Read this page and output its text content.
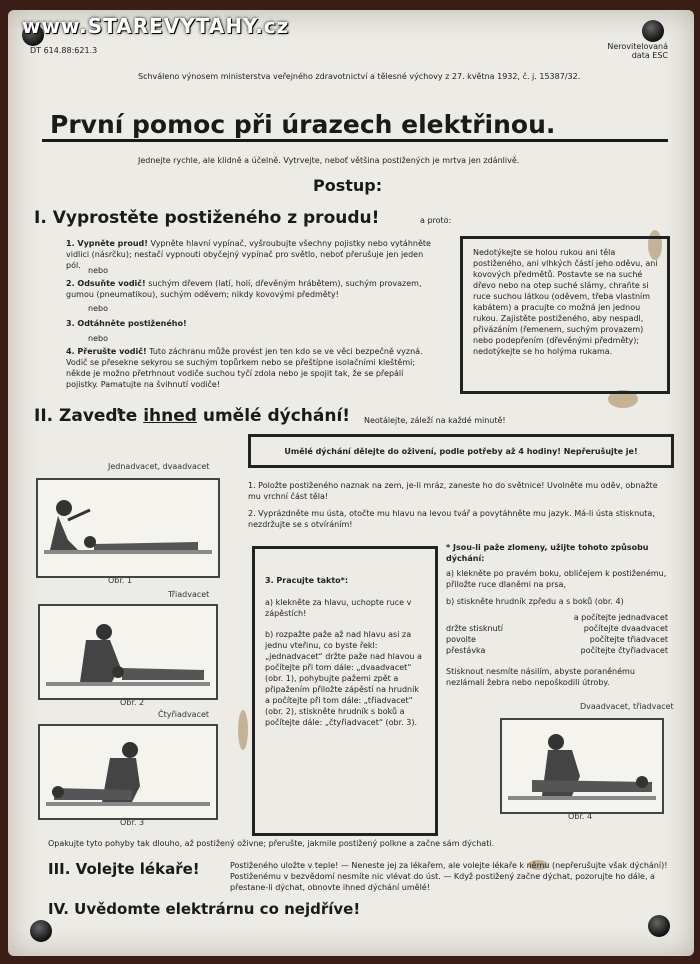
DT 614.88:621.3	Nerovitelovaná data ESC
Schváleno výnosem ministerstva veřejného zdravotnictví a tělesné výchovy z 27. května 1932, č. j. 15387/32.
První pomoc při úrazech elektřinou.
Jednejte rychle, ale klidně a účelně. Vytrvejte, neboť většina postižených je mrtva jen zdánlivě.
Postup:
I. Vyprostěte postiženého z proudu!	a proto:
1. Vypněte proud! Vypněte hlavní vypínač, vyšroubujte všechny pojistky nebo vytáhněte vidlici (násrčku); nestačí vypnouti obyčejný vypínač pro světlo, neboť přerušuje jen jeden pól.
nebo
2. Odsuňte vodič! suchým dřevem (latí, holí, dřevěným hrábětem), suchým provazem, gumou (pneumatikou), suchým oděvem; nikdy kovovými předměty!
nebo
3. Odtáhněte postiženého!
nebo
4. Přerušte vodič! Tuto záchranu může provést jen ten kdo se ve věci bezpečně vyzná. Vodič se přesekne sekyrou se suchým topůrkem nebo se přeštípne isolačními kleštěmi; někde je možno přetrhnout vodiče suchou tyčí zdola nebo je spojit tak, že se přepálí pojistky. Pamatujte na švihnutí vodiče!
Nedotýkejte se holou rukou ani těla postiženého, ani vlhkých částí jeho oděvu, ani kovových předmětů. Postavte se na suché dřevo nebo na otep suché slámy, chraňte si ruce suchou látkou (oděvem, třeba vlastním kabátem) a pracujte co možná jen jednou rukou. Zajistěte postiženého, aby nespadl, přivázáním (řemenem, suchým provazem) nebo podepřením (dřevěnými předměty); nedotýkejte se ho holýma rukama.
II. Zaveďte ihned umělé dýchání! Neotálejte, záleží na každé minutě!
Umělé dýchání dělejte do oživení, podle potřeby až 4 hodiny! Nepřerušujte je!
1. Položte postiženého naznak na zem, je-li mráz, zaneste ho do světnice! Uvolněte mu oděv, obnažte mu vrchní část těla!
2. Vyprázdněte mu ústa, otočte mu hlavu na levou tvář a povytáhněte mu jazyk. Má-li ústa stisknuta, nezdržujte se s otvíráním!
3. Pracujte takto*:
a) klekněte za hlavu, uchopte ruce v zápěstích!
b) rozpažte paže až nad hlavu asi za jednu vteřinu, co byste řekl: „jednadvacet“ držte paže nad hlavou a počítejte při tom dále: „dvaadvacet“ (obr. 1), pohybujte pažemi zpět a připažením přiložte zápěstí na hrudník a počítejte při tom dále: „třiadvacet“ (obr. 2), stiskněte hrudník s boků a počítejte dále: „čtyřiadvacet“ (obr. 3).
* Jsou-li paže zlomeny, užijte tohoto způsobu dýchání:
a) klekněte po pravém boku, obličejem k postiženému, přiložte ruce dlaněmi na prsa,
b) stiskněte hrudník zpředu a s boků (obr. 4)
a počítejte jednadvacet
držte stisknutí	počítejte dvaadvacet
povolte	počítejte třiadvacet
přestávka	počítejte čtyřiadvacet
Stisknout nesmíte násilím, abyste poraněnému nezlámali žebra nebo nepoškodili útroby.
Jednadvacet, dvaadvacet
Obr. 1
Třiadvacet
Obr. 2
Čtyřiadvacet
Obr. 3
Dvaadvacet, třiadvacet
Obr. 4
Opakujte tyto pohyby tak dlouho, až postižený oživne; přerušte, jakmile postižený polkne a začne sám dýchati.
III. Volejte lékaře!	Postiženého uložte v teple! — Neneste jej za lékařem, ale volejte lékaře k němu (nepřerušujte však dýchání)! Postiženému v bezvědomí nesmíte nic vlévat do úst. — Když postižený začne dýchat, pozorujte ho dále, a přestane-li dýchat, obnovte ihned dýchání umělé!
IV. Uvědomte elektrárnu co nejdříve!
www.STAREVYTAHY.cz
